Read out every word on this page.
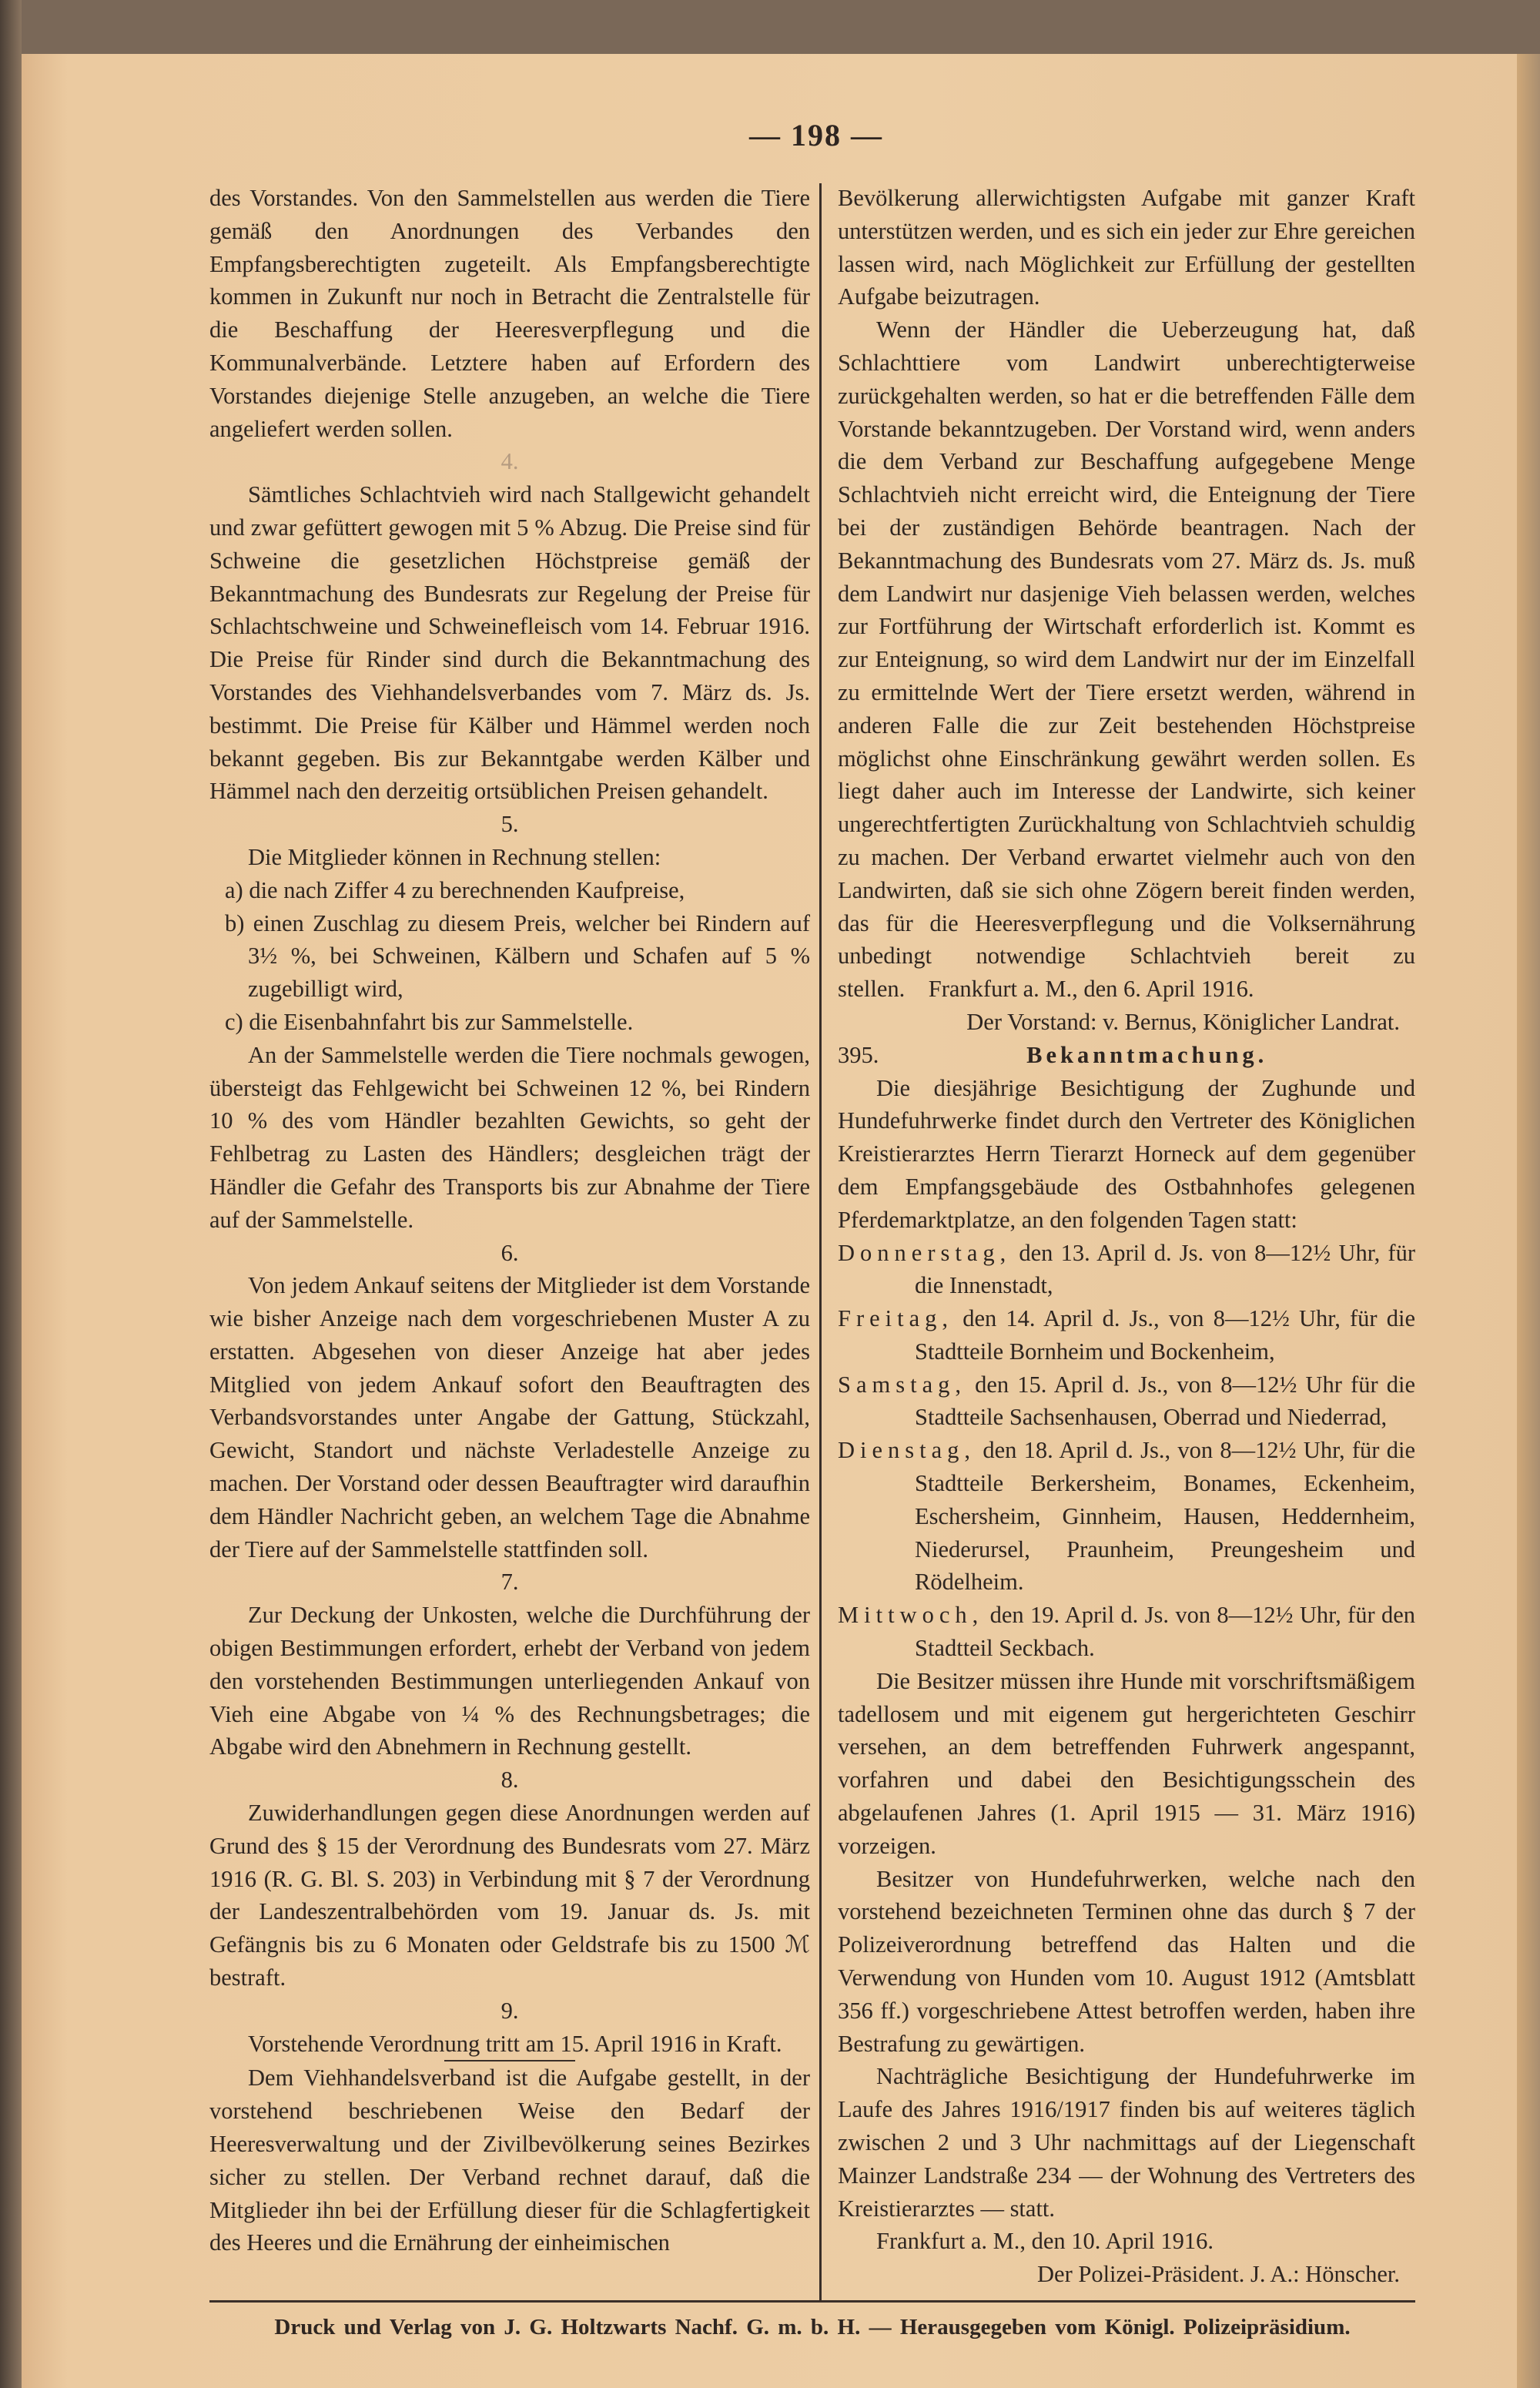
— 198 —

des Vorstandes. Von den Sammelstellen aus werden die Tiere gemäß den Anordnungen des Verbandes den Empfangsberechtigten zugeteilt. Als Empfangsberechtigte kommen in Zukunft nur noch in Betracht die Zentralstelle für die Beschaffung der Heeresverpflegung und die Kommunalverbände. Letztere haben auf Erfordern des Vorstandes diejenige Stelle anzugeben, an welche die Tiere angeliefert werden sollen.

4.

Sämtliches Schlachtvieh wird nach Stallgewicht gehandelt und zwar gefüttert gewogen mit 5 % Abzug. Die Preise sind für Schweine die gesetzlichen Höchstpreise gemäß der Bekanntmachung des Bundesrats zur Regelung der Preise für Schlachtschweine und Schweinefleisch vom 14. Februar 1916. Die Preise für Rinder sind durch die Bekanntmachung des Vorstandes des Viehhandelsverbandes vom 7. März ds. Js. bestimmt. Die Preise für Kälber und Hämmel werden noch bekannt gegeben. Bis zur Bekanntgabe werden Kälber und Hämmel nach den derzeitig ortsüblichen Preisen gehandelt.

5.

Die Mitglieder können in Rechnung stellen:

a) die nach Ziffer 4 zu berechnenden Kaufpreise,

b) einen Zuschlag zu diesem Preis, welcher bei Rindern auf 3½ %, bei Schweinen, Kälbern und Schafen auf 5 % zugebilligt wird,

c) die Eisenbahnfahrt bis zur Sammelstelle.

An der Sammelstelle werden die Tiere nochmals gewogen, übersteigt das Fehlgewicht bei Schweinen 12 %, bei Rindern 10 % des vom Händler bezahlten Gewichts, so geht der Fehlbetrag zu Lasten des Händlers; desgleichen trägt der Händler die Gefahr des Transports bis zur Abnahme der Tiere auf der Sammelstelle.

6.

Von jedem Ankauf seitens der Mitglieder ist dem Vorstande wie bisher Anzeige nach dem vorgeschriebenen Muster A zu erstatten. Abgesehen von dieser Anzeige hat aber jedes Mitglied von jedem Ankauf sofort den Beauftragten des Verbandsvorstandes unter Angabe der Gattung, Stückzahl, Gewicht, Standort und nächste Verladestelle Anzeige zu machen. Der Vorstand oder dessen Beauftragter wird daraufhin dem Händler Nachricht geben, an welchem Tage die Abnahme der Tiere auf der Sammelstelle stattfinden soll.

7.

Zur Deckung der Unkosten, welche die Durchführung der obigen Bestimmungen erfordert, erhebt der Verband von jedem den vorstehenden Bestimmungen unterliegenden Ankauf von Vieh eine Abgabe von ¼ % des Rechnungsbetrages; die Abgabe wird den Abnehmern in Rechnung gestellt.

8.

Zuwiderhandlungen gegen diese Anordnungen werden auf Grund des § 15 der Verordnung des Bundesrats vom 27. März 1916 (R. G. Bl. S. 203) in Verbindung mit § 7 der Verordnung der Landeszentralbehörden vom 19. Januar ds. Js. mit Gefängnis bis zu 6 Monaten oder Geldstrafe bis zu 1500 ℳ bestraft.

9.

Vorstehende Verordnung tritt am 15. April 1916 in Kraft.

Dem Viehhandelsverband ist die Aufgabe gestellt, in der vorstehend beschriebenen Weise den Bedarf der Heeresverwaltung und der Zivilbevölkerung seines Bezirkes sicher zu stellen. Der Verband rechnet darauf, daß die Mitglieder ihn bei der Erfüllung dieser für die Schlagfertigkeit des Heeres und die Ernährung der einheimischen

Bevölkerung allerwichtigsten Aufgabe mit ganzer Kraft unterstützen werden, und es sich ein jeder zur Ehre gereichen lassen wird, nach Möglichkeit zur Erfüllung der gestellten Aufgabe beizutragen.

Wenn der Händler die Ueberzeugung hat, daß Schlachttiere vom Landwirt unberechtigterweise zurückgehalten werden, so hat er die betreffenden Fälle dem Vorstande bekanntzugeben. Der Vorstand wird, wenn anders die dem Verband zur Beschaffung aufgegebene Menge Schlachtvieh nicht erreicht wird, die Enteignung der Tiere bei der zuständigen Behörde beantragen. Nach der Bekanntmachung des Bundesrats vom 27. März ds. Js. muß dem Landwirt nur dasjenige Vieh belassen werden, welches zur Fortführung der Wirtschaft erforderlich ist. Kommt es zur Enteignung, so wird dem Landwirt nur der im Einzelfall zu ermittelnde Wert der Tiere ersetzt werden, während in anderen Falle die zur Zeit bestehenden Höchstpreise möglichst ohne Einschränkung gewährt werden sollen. Es liegt daher auch im Interesse der Landwirte, sich keiner ungerechtfertigten Zurückhaltung von Schlachtvieh schuldig zu machen. Der Verband erwartet vielmehr auch von den Landwirten, daß sie sich ohne Zögern bereit finden werden, das für die Heeresverpflegung und die Volksernährung unbedingt notwendige Schlachtvieh bereit zu stellen. Frankfurt a. M., den 6. April 1916.

Der Vorstand: v. Bernus, Königlicher Landrat.

395.	Bekanntmachung.

Die diesjährige Besichtigung der Zughunde und Hundefuhrwerke findet durch den Vertreter des Königlichen Kreistierarztes Herrn Tierarzt Horneck auf dem gegenüber dem Empfangsgebäude des Ostbahnhofes gelegenen Pferdemarktplatze, an den folgenden Tagen statt:

Donnerstag, den 13. April d. Js. von 8—12½ Uhr, für die Innenstadt,

Freitag, den 14. April d. Js., von 8—12½ Uhr, für die Stadtteile Bornheim und Bockenheim,

Samstag, den 15. April d. Js., von 8—12½ Uhr für die Stadtteile Sachsenhausen, Oberrad und Niederrad,

Dienstag, den 18. April d. Js., von 8—12½ Uhr, für die Stadtteile Berkersheim, Bonames, Eckenheim, Eschersheim, Ginnheim, Hausen, Heddernheim, Niederursel, Praunheim, Preungesheim und Rödelheim.

Mittwoch, den 19. April d. Js. von 8—12½ Uhr, für den Stadtteil Seckbach.

Die Besitzer müssen ihre Hunde mit vorschriftsmäßigem tadellosem und mit eigenem gut hergerichteten Geschirr versehen, an dem betreffenden Fuhrwerk angespannt, vorfahren und dabei den Besichtigungsschein des abgelaufenen Jahres (1. April 1915 — 31. März 1916) vorzeigen.

Besitzer von Hundefuhrwerken, welche nach den vorstehend bezeichneten Terminen ohne das durch § 7 der Polizeiverordnung betreffend das Halten und die Verwendung von Hunden vom 10. August 1912 (Amtsblatt 356 ff.) vorgeschriebene Attest betroffen werden, haben ihre Bestrafung zu gewärtigen.

Nachträgliche Besichtigung der Hundefuhrwerke im Laufe des Jahres 1916/1917 finden bis auf weiteres täglich zwischen 2 und 3 Uhr nachmittags auf der Liegenschaft Mainzer Landstraße 234 — der Wohnung des Vertreters des Kreistierarztes — statt.

Frankfurt a. M., den 10. April 1916.

Der Polizei-Präsident. J. A.: Hönscher.

Druck und Verlag von J. G. Holtzwarts Nachf. G. m. b. H. — Herausgegeben vom Königl. Polizeipräsidium.
